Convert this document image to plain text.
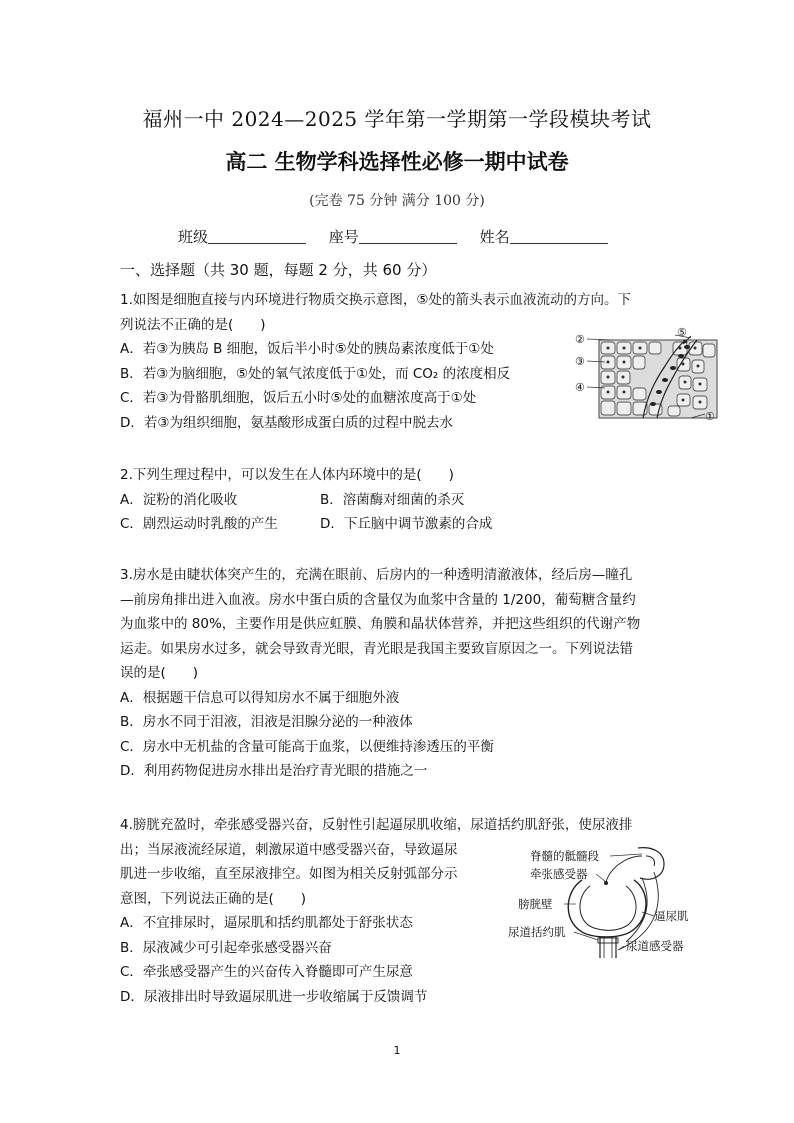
福州一中 2024—2025 学年第一学期第一学段模块考试
高二 生物学科选择性必修一期中试卷
(完卷 75 分钟 满分 100 分)
班级	座号	姓名
一、选择题（共 30 题，每题 2 分，共 60 分）
1.如图是细胞直接与内环境进行物质交换示意图，⑤处的箭头表示血液流动的方向。下
列说法不正确的是(　　)
A．若③为胰岛 B 细胞，饭后半小时⑤处的胰岛素浓度低于①处
B．若③为脑细胞，⑤处的氧气浓度低于①处，而 CO₂ 的浓度相反
C．若③为骨骼肌细胞，饭后五小时⑤处的血糖浓度高于①处
D．若③为组织细胞，氨基酸形成蛋白质的过程中脱去水
②
③
④
⑤
①
2.下列生理过程中，可以发生在人体内环境中的是(　　)
A．淀粉的消化吸收	B．溶菌酶对细菌的杀灭
C．剧烈运动时乳酸的产生	D．下丘脑中调节激素的合成
3.房水是由睫状体突产生的，充满在眼前、后房内的一种透明清澈液体，经后房—瞳孔
—前房角排出进入血液。房水中蛋白质的含量仅为血浆中含量的 1/200，葡萄糖含量约
为血浆中的 80%，主要作用是供应虹膜、角膜和晶状体营养，并把这些组织的代谢产物
运走。如果房水过多，就会导致青光眼，青光眼是我国主要致盲原因之一。下列说法错
误的是(　　)
A．根据题干信息可以得知房水不属于细胞外液
B．房水不同于泪液，泪液是泪腺分泌的一种液体
C．房水中无机盐的含量可能高于血浆，以便维持渗透压的平衡
D．利用药物促进房水排出是治疗青光眼的措施之一
4.膀胱充盈时，牵张感受器兴奋，反射性引起逼尿肌收缩，尿道括约肌舒张，使尿液排
出；当尿液流经尿道，刺激尿道中感受器兴奋，导致逼尿
肌进一步收缩，直至尿液排空。如图为相关反射弧部分示
意图，下列说法正确的是(　　)
A．不宜排尿时，逼尿肌和括约肌都处于舒张状态
B．尿液减少可引起牵张感受器兴奋
C．牵张感受器产生的兴奋传入脊髓即可产生尿意
D．尿液排出时导致逼尿肌进一步收缩属于反馈调节
脊髓的骶髓段
牵张感受器
膀胱壁
逼尿肌
尿道括约肌
尿道感受器
1
